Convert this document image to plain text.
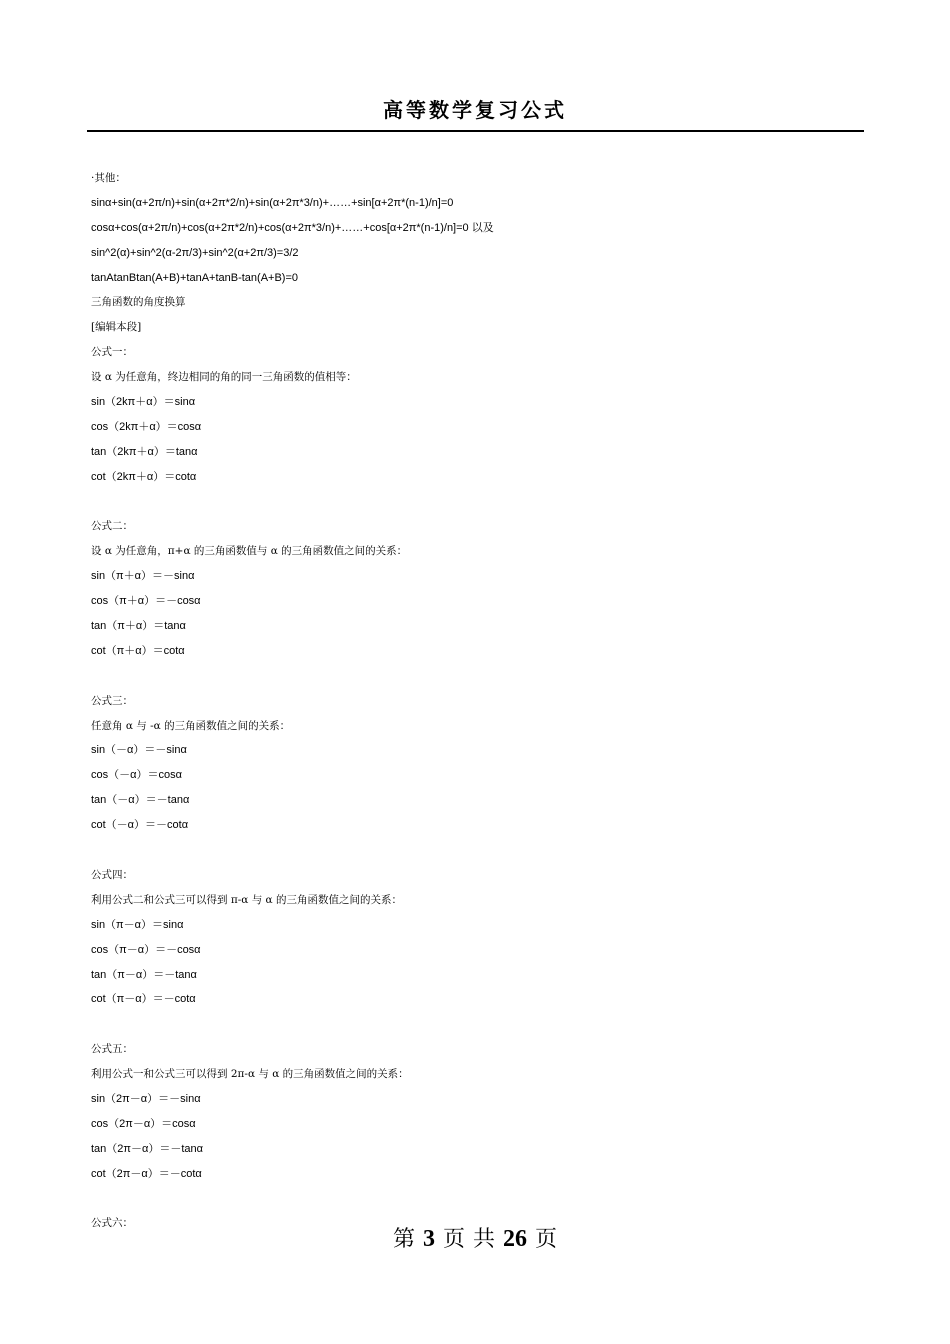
高等数学复习公式
·其他：
sinα+sin(α+2π/n)+sin(α+2π*2/n)+sin(α+2π*3/n)+……+sin[α+2π*(n-1)/n]=0
cosα+cos(α+2π/n)+cos(α+2π*2/n)+cos(α+2π*3/n)+……+cos[α+2π*(n-1)/n]=0 以及
sin^2(α)+sin^2(α-2π/3)+sin^2(α+2π/3)=3/2
tanAtanBtan(A+B)+tanA+tanB-tan(A+B)=0
三角函数的角度换算
[编辑本段]
公式一：
设 α 为任意角，终边相同的角的同一三角函数的值相等：
sin（2kπ＋α）＝sinα
cos（2kπ＋α）＝cosα
tan（2kπ＋α）＝tanα
cot（2kπ＋α）＝cotα
公式二：
设 α 为任意角，π+α 的三角函数值与 α 的三角函数值之间的关系：
sin（π＋α）＝－sinα
cos（π＋α）＝－cosα
tan（π＋α）＝tanα
cot（π＋α）＝cotα
公式三：
任意角 α 与 -α 的三角函数值之间的关系：
sin（－α）＝－sinα
cos（－α）＝cosα
tan（－α）＝－tanα
cot（－α）＝－cotα
公式四：
利用公式二和公式三可以得到 π-α 与 α 的三角函数值之间的关系：
sin（π－α）＝sinα
cos（π－α）＝－cosα
tan（π－α）＝－tanα
cot（π－α）＝－cotα
公式五：
利用公式一和公式三可以得到 2π-α 与 α 的三角函数值之间的关系：
sin（2π－α）＝－sinα
cos（2π－α）＝cosα
tan（2π－α）＝－tanα
cot（2π－α）＝－cotα
公式六：
第 3 页 共 26 页
